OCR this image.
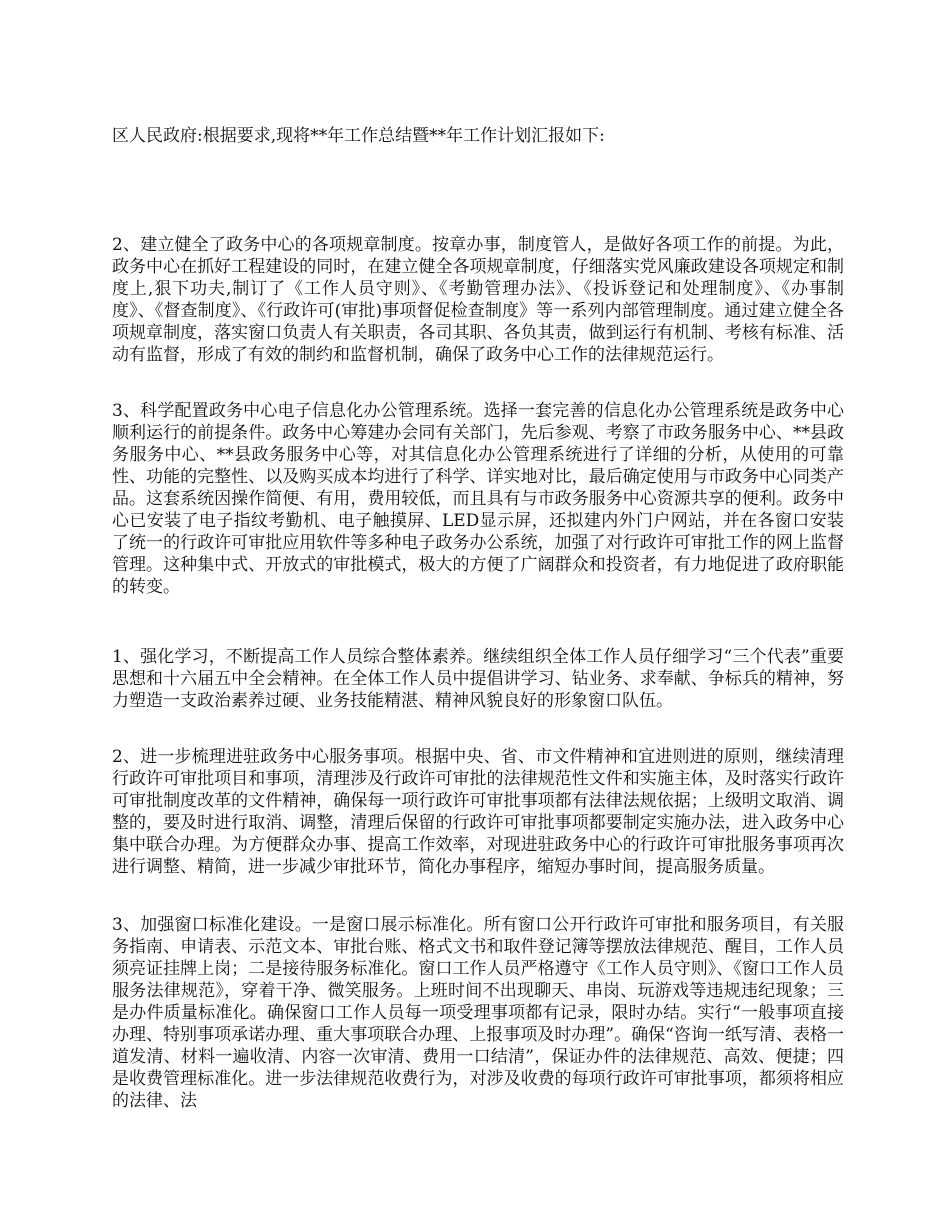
区人民政府:根据要求,现将**年工作总结暨**年工作计划汇报如下:

2、建立健全了政务中心的各项规章制度。按章办事，制度管人，是做好各项工作的前提。为此，政务中心在抓好工程建设的同时，在建立健全各项规章制度，仔细落实党风廉政建设各项规定和制度上,狠下功夫,制订了《工作人员守则》、《考勤管理办法》、《投诉登记和处理制度》、《办事制度》、《督查制度》、《行政许可(审批)事项督促检查制度》等一系列内部管理制度。通过建立健全各项规章制度，落实窗口负责人有关职责，各司其职、各负其责，做到运行有机制、考核有标准、活动有监督，形成了有效的制约和监督机制，确保了政务中心工作的法律规范运行。

3、科学配置政务中心电子信息化办公管理系统。选择一套完善的信息化办公管理系统是政务中心顺利运行的前提条件。政务中心筹建办会同有关部门，先后参观、考察了市政务服务中心、**县政务服务中心、**县政务服务中心等，对其信息化办公管理系统进行了详细的分析，从使用的可靠性、功能的完整性、以及购买成本均进行了科学、详实地对比，最后确定使用与市政务中心同类产品。这套系统因操作简便、有用，费用较低，而且具有与市政务服务中心资源共享的便利。政务中心已安装了电子指纹考勤机、电子触摸屏、LED显示屏，还拟建内外门户网站，并在各窗口安装了统一的行政许可审批应用软件等多种电子政务办公系统，加强了对行政许可审批工作的网上监督管理。这种集中式、开放式的审批模式，极大的方便了广阔群众和投资者，有力地促进了政府职能的转变。

1、强化学习，不断提高工作人员综合整体素养。继续组织全体工作人员仔细学习“三个代表”重要思想和十六届五中全会精神。在全体工作人员中提倡讲学习、钻业务、求奉献、争标兵的精神，努力塑造一支政治素养过硬、业务技能精湛、精神风貌良好的形象窗口队伍。

2、进一步梳理进驻政务中心服务事项。根据中央、省、市文件精神和宜进则进的原则，继续清理行政许可审批项目和事项，清理涉及行政许可审批的法律规范性文件和实施主体，及时落实行政许可审批制度改革的文件精神，确保每一项行政许可审批事项都有法律法规依据；上级明文取消、调整的，要及时进行取消、调整，清理后保留的行政许可审批事项都要制定实施办法，进入政务中心集中联合办理。为方便群众办事、提高工作效率，对现进驻政务中心的行政许可审批服务事项再次进行调整、精简，进一步减少审批环节，简化办事程序，缩短办事时间，提高服务质量。

3、加强窗口标准化建设。一是窗口展示标准化。所有窗口公开行政许可审批和服务项目，有关服务指南、申请表、示范文本、审批台账、格式文书和取件登记簿等摆放法律规范、醒目，工作人员须亮证挂牌上岗；二是接待服务标准化。窗口工作人员严格遵守《工作人员守则》、《窗口工作人员服务法律规范》，穿着干净、微笑服务。上班时间不出现聊天、串岗、玩游戏等违规违纪现象；三是办件质量标准化。确保窗口工作人员每一项受理事项都有记录，限时办结。实行“一般事项直接办理、特别事项承诺办理、重大事项联合办理、上报事项及时办理”。确保“咨询一纸写清、表格一道发清、材料一遍收清、内容一次审清、费用一口结清”，保证办件的法律规范、高效、便捷；四是收费管理标准化。进一步法律规范收费行为，对涉及收费的每项行政许可审批事项，都须将相应的法律、法
